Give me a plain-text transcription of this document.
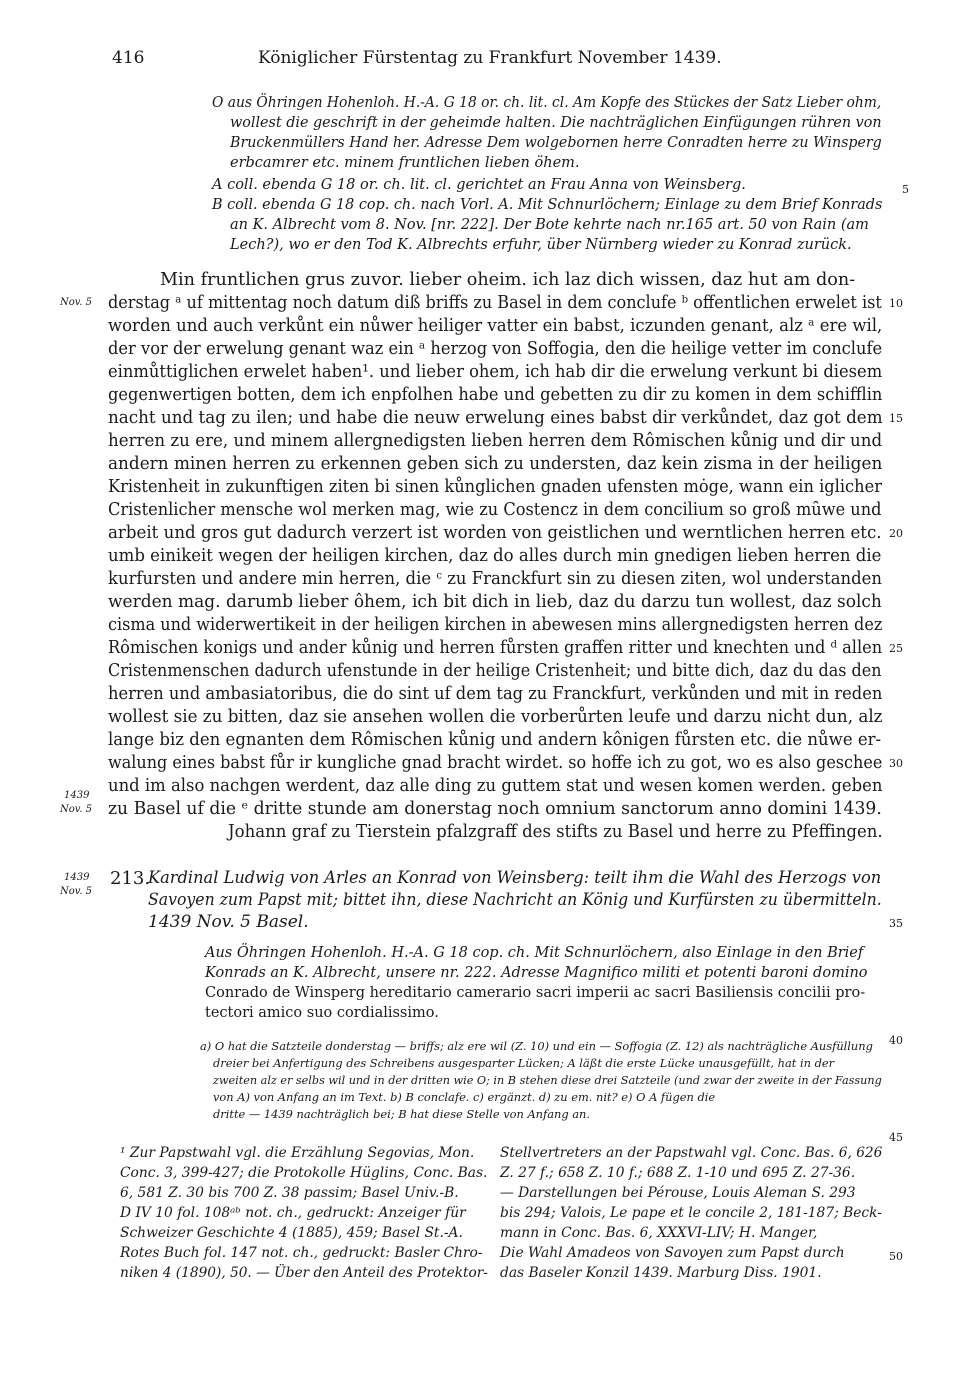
416	Königlicher Fürstentag zu Frankfurt November 1439.
O aus Öhringen Hohenloh. H.-A. G 18 or. ch. lit. cl. Am Kopfe des Stückes der Satz Lieber ohm,
wollest die geschrift in der geheimde halten. Die nachträglichen Einfügungen rühren von
Bruckenmüllers Hand her. Adresse Dem wolgebornen herre Conradten herre zu Winsperg
erbcamrer etc. minem fruntlichen lieben öhem.
A coll. ebenda G 18 or. ch. lit. cl. gerichtet an Frau Anna von Weinsberg.
B coll. ebenda G 18 cop. ch. nach Vorl. A. Mit Schnurlöchern; Einlage zu dem Brief Konrads
an K. Albrecht vom 8. Nov. [nr. 222]. Der Bote kehrte nach nr.165 art. 50 von Rain (am
Lech?), wo er den Tod K. Albrechts erfuhr, über Nürnberg wieder zu Konrad zurück.
Min fruntlichen grus zuvor. lieber oheim. ich laz dich wissen, daz hut am don-
derstag ᵃ uf mittentag noch datum diß briffs zu Basel in dem conclufe ᵇ offentlichen erwelet ist
worden und auch verkůnt ein nůwer heiliger vatter ein babst, iczunden genant, alz ᵃ ere wil,
der vor der erwelung genant waz ein ᵃ herzog von Soffogia, den die heilige vetter im conclufe
einmůttiglichen erwelet haben¹. und lieber ohem, ich hab dir die erwelung verkunt bi diesem
gegenwertigen botten, dem ich enpfolhen habe und gebetten zu dir zu komen in dem schifflin
nacht und tag zu ilen; und habe die neuw erwelung eines babst dir verkůndet, daz got dem
herren zu ere, und minem allergnedigsten lieben herren dem Rômischen kůnig und dir und
andern minen herren zu erkennen geben sich zu understen, daz kein zisma in der heiligen
Kristenheit in zukunftigen ziten bi sinen kůnglichen gnaden ufensten mȯge, wann ein iglicher
Cristenlicher mensche wol merken mag, wie zu Costencz in dem concilium so groß mȗwe und
arbeit und gros gut dadurch verzert ist worden von geistlichen und werntlichen herren etc.
umb einikeit wegen der heiligen kirchen, daz do alles durch min gnedigen lieben herren die
kurfursten und andere min herren, die ᶜ zu Franckfurt sin zu diesen ziten, wol understanden
werden mag. darumb lieber ôhem, ich bit dich in lieb, daz du darzu tun wollest, daz solch
cisma und widerwertikeit in der heiligen kirchen in abewesen mins allergnedigsten herren dez
Rômischen konigs und ander kůnig und herren fůrsten graffen ritter und knechten und ᵈ allen
Cristenmenschen dadurch ufenstunde in der heilige Cristenheit; und bitte dich, daz du das den
herren und ambasiatoribus, die do sint uf dem tag zu Franckfurt, verkůnden und mit in reden
wollest sie zu bitten, daz sie ansehen wollen die vorberůrten leufe und darzu nicht dun, alz
lange biz den egnanten dem Rômischen kůnig und andern kônigen fůrsten etc. die nůwe er-
walung eines babst fůr ir kungliche gnad bracht wirdet. so hoffe ich zu got, wo es also geschee
und im also nachgen werdent, daz alle ding zu guttem stat und wesen komen werden. geben
zu Basel uf die ᵉ dritte stunde am donerstag noch omnium sanctorum anno domini 1439.
Johann graf zu Tierstein pfalzgraff des stifts zu Basel und herre zu Pfeffingen.
Nov. 5
1439
Nov. 5
1439
Nov. 5
5
10
15
20
25
30
35
40
45
50
213.
Kardinal Ludwig von Arles an Konrad von Weinsberg: teilt ihm die Wahl des Herzogs von
Savoyen zum Papst mit; bittet ihn, diese Nachricht an König und Kurfürsten zu übermitteln.
1439 Nov. 5 Basel.
Aus Öhringen Hohenloh. H.-A. G 18 cop. ch. Mit Schnurlöchern, also Einlage in den Brief
Konrads an K. Albrecht, unsere nr. 222. Adresse Magnifico militi et potenti baroni domino
Conrado de Winsperg hereditario camerario sacri imperii ac sacri Basiliensis concilii pro-
tectori amico suo cordialissimo.
a) O hat die Satzteile donderstag — briffs; alz ere wil (Z. 10) und ein — Soffogia (Z. 12) als nachträgliche Ausfüllung
dreier bei Anfertigung des Schreibens ausgesparter Lücken; A läßt die erste Lücke unausgefüllt, hat in der
zweiten alz er selbs wil und in der dritten wie O; in B stehen diese drei Satzteile (und zwar der zweite in der Fassung
von A) von Anfang an im Text. b) B conclafe. c) ergänzt. d) zu em. nit? e) O A fügen die
dritte — 1439 nachträglich bei; B hat diese Stelle von Anfang an.
¹ Zur Papstwahl vgl. die Erzählung Segovias, Mon.
Conc. 3, 399-427; die Protokolle Hüglins, Conc. Bas.
6, 581 Z. 30 bis 700 Z. 38 passim; Basel Univ.-B.
D IV 10 fol. 108ᵃᵇ not. ch., gedruckt: Anzeiger für
Schweizer Geschichte 4 (1885), 459; Basel St.-A.
Rotes Buch fol. 147 not. ch., gedruckt: Basler Chro-
niken 4 (1890), 50. — Über den Anteil des Protektor-
Stellvertreters an der Papstwahl vgl. Conc. Bas. 6, 626
Z. 27 f.; 658 Z. 10 f.; 688 Z. 1-10 und 695 Z. 27-36.
— Darstellungen bei Pérouse, Louis Aleman S. 293
bis 294; Valois, Le pape et le concile 2, 181-187; Beck-
mann in Conc. Bas. 6, XXXVI-LIV; H. Manger,
Die Wahl Amadeos von Savoyen zum Papst durch
das Baseler Konzil 1439. Marburg Diss. 1901.
